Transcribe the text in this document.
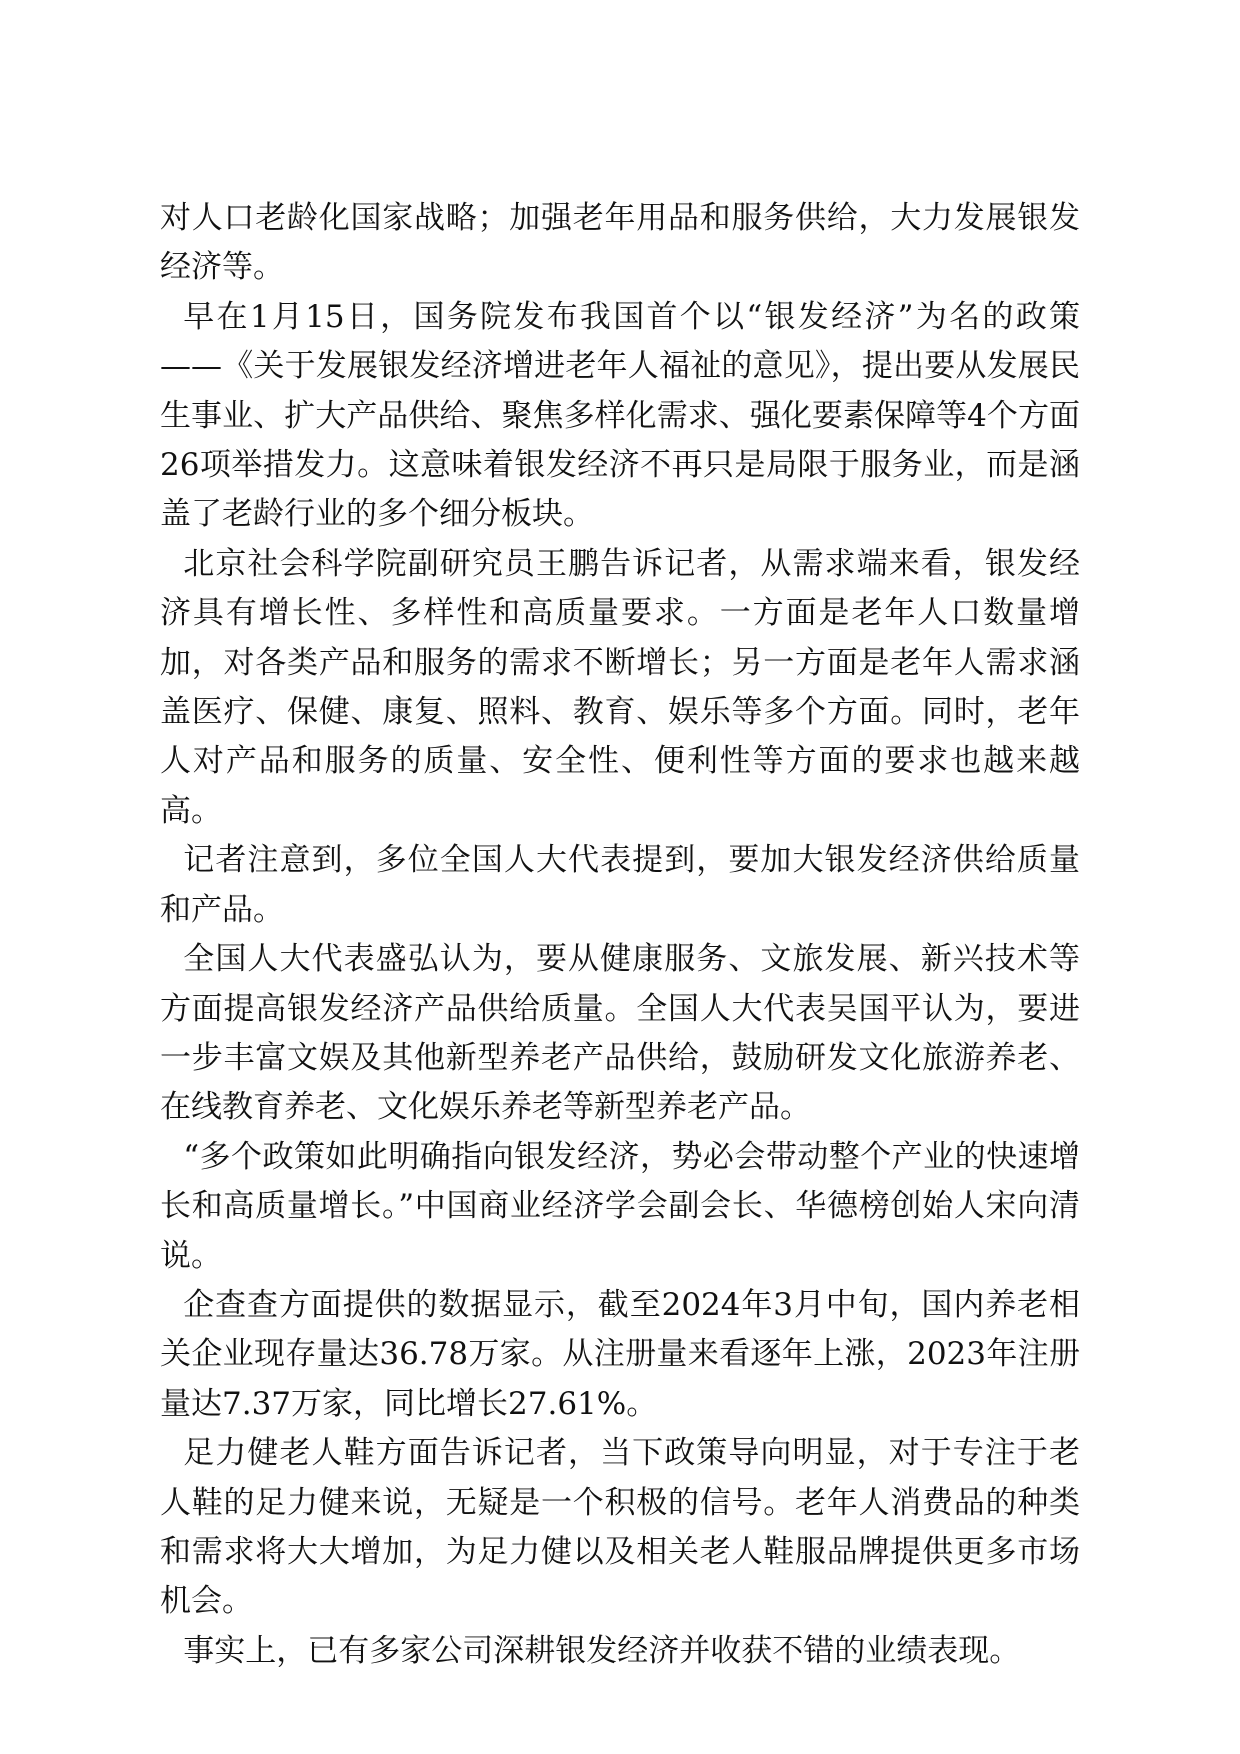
对人口老龄化国家战略；加强老年用品和服务供给，大力发展银发经济等。

早在1月15日，国务院发布我国首个以“银发经济”为名的政策——《关于发展银发经济增进老年人福祉的意见》，提出要从发展民生事业、扩大产品供给、聚焦多样化需求、强化要素保障等4个方面26项举措发力。这意味着银发经济不再只是局限于服务业，而是涵盖了老龄行业的多个细分板块。

北京社会科学院副研究员王鹏告诉记者，从需求端来看，银发经济具有增长性、多样性和高质量要求。一方面是老年人口数量增加，对各类产品和服务的需求不断增长；另一方面是老年人需求涵盖医疗、保健、康复、照料、教育、娱乐等多个方面。同时，老年人对产品和服务的质量、安全性、便利性等方面的要求也越来越高。

记者注意到，多位全国人大代表提到，要加大银发经济供给质量和产品。

全国人大代表盛弘认为，要从健康服务、文旅发展、新兴技术等方面提高银发经济产品供给质量。全国人大代表吴国平认为，要进一步丰富文娱及其他新型养老产品供给，鼓励研发文化旅游养老、在线教育养老、文化娱乐养老等新型养老产品。

“多个政策如此明确指向银发经济，势必会带动整个产业的快速增长和高质量增长。”中国商业经济学会副会长、华德榜创始人宋向清说。

企查查方面提供的数据显示，截至2024年3月中旬，国内养老相关企业现存量达36.78万家。从注册量来看逐年上涨，2023年注册量达7.37万家，同比增长27.61%。

足力健老人鞋方面告诉记者，当下政策导向明显，对于专注于老人鞋的足力健来说，无疑是一个积极的信号。老年人消费品的种类和需求将大大增加，为足力健以及相关老人鞋服品牌提供更多市场机会。

事实上，已有多家公司深耕银发经济并收获不错的业绩表现。
